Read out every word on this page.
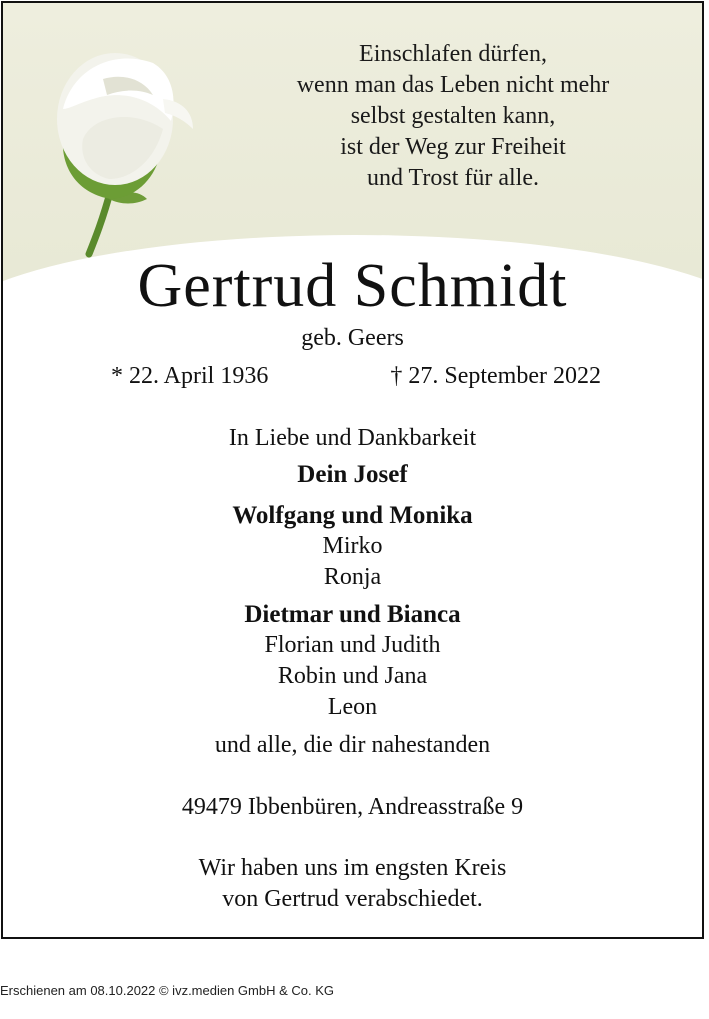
Einschlafen dürfen,
wenn man das Leben nicht mehr
selbst gestalten kann,
ist der Weg zur Freiheit
und Trost für alle.
Gertrud Schmidt
geb. Geers
* 22. April 1936	† 27. September 2022
In Liebe und Dankbarkeit
Dein Josef
Wolfgang und Monika
Mirko
Ronja
Dietmar und Bianca
Florian und Judith
Robin und Jana
Leon
und alle, die dir nahestanden
49479 Ibbenbüren, Andreasstraße 9
Wir haben uns im engsten Kreis
von Gertrud verabschiedet.
Erschienen am 08.10.2022 © ivz.medien GmbH & Co. KG
